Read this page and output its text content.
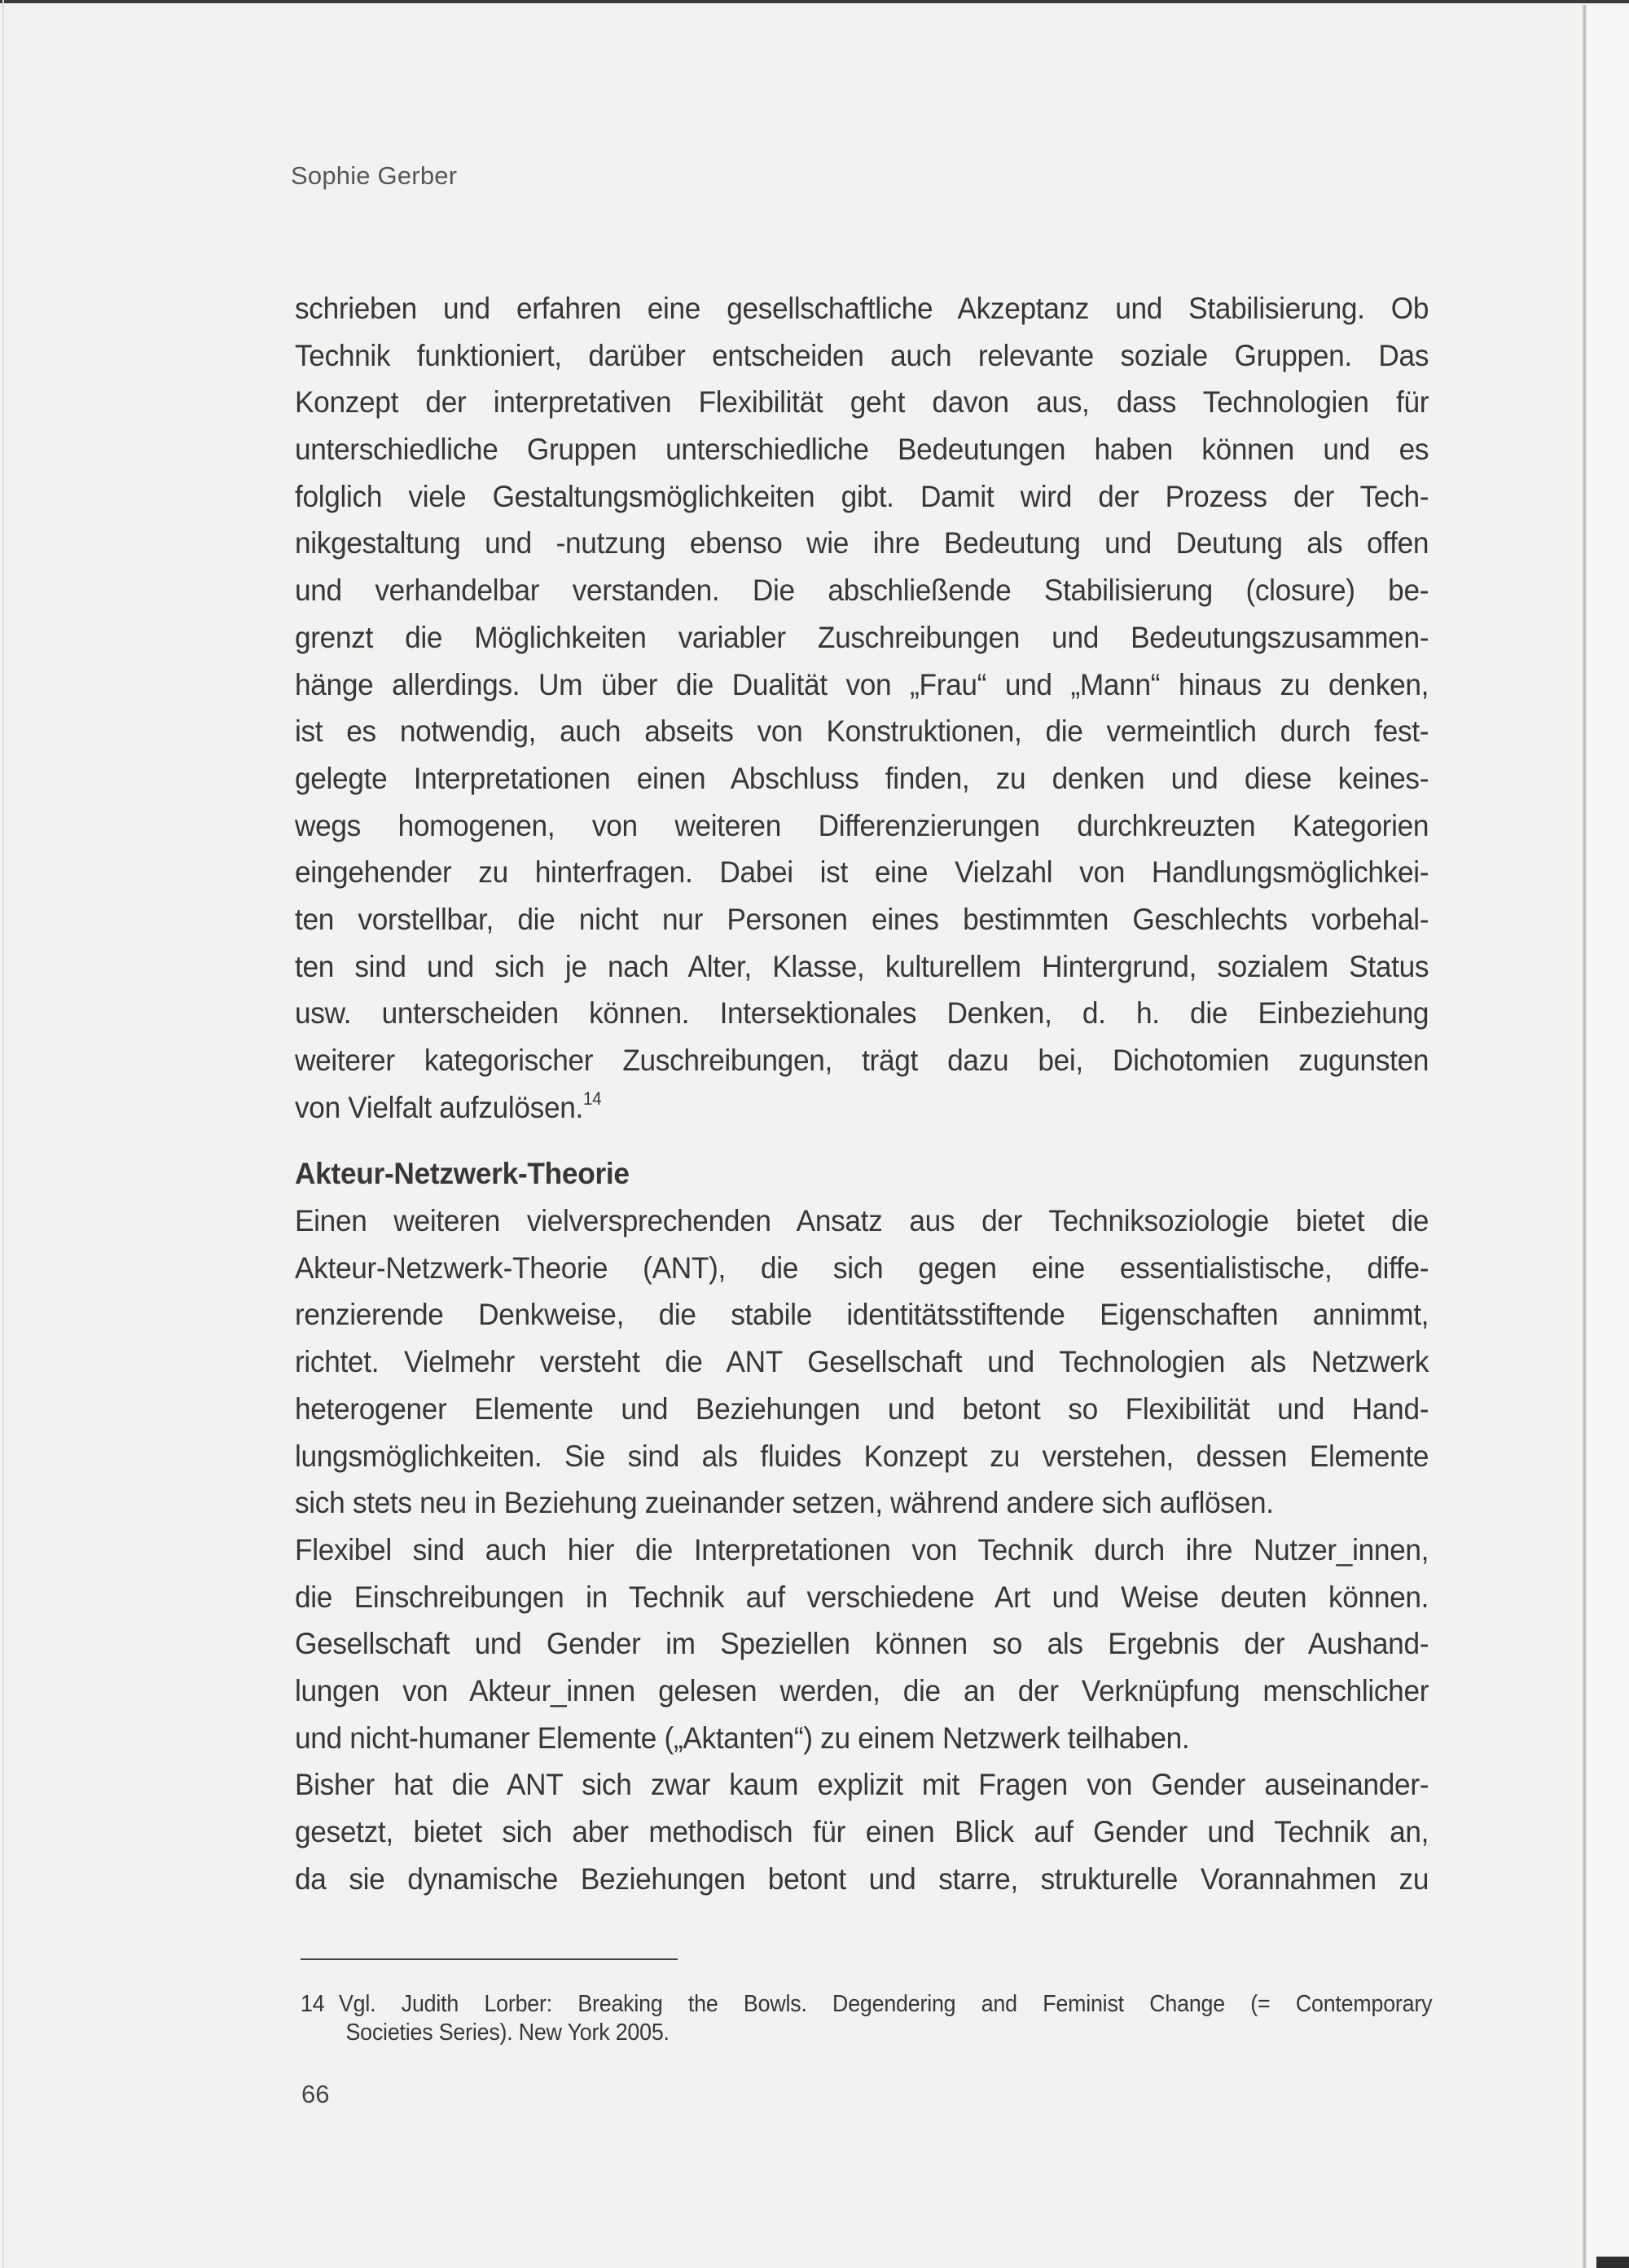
Sophie Gerber
schrieben und erfahren eine gesellschaftliche Akzeptanz und Stabilisierung. Ob
Technik funktioniert, darüber entscheiden auch relevante soziale Gruppen. Das
Konzept der interpretativen Flexibilität geht davon aus, dass Technologien für
unterschiedliche Gruppen unterschiedliche Bedeutungen haben können und es
folglich viele Gestaltungsmöglichkeiten gibt. Damit wird der Prozess der Tech-
nikgestaltung und -nutzung ebenso wie ihre Bedeutung und Deutung als offen
und verhandelbar verstanden. Die abschließende Stabilisierung (closure) be-
grenzt die Möglichkeiten variabler Zuschreibungen und Bedeutungszusammen-
hänge allerdings. Um über die Dualität von „Frau“ und „Mann“ hinaus zu denken,
ist es notwendig, auch abseits von Konstruktionen, die vermeintlich durch fest-
gelegte Interpretationen einen Abschluss finden, zu denken und diese keines-
wegs homogenen, von weiteren Differenzierungen durchkreuzten Kategorien
eingehender zu hinterfragen. Dabei ist eine Vielzahl von Handlungsmöglichkei-
ten vorstellbar, die nicht nur Personen eines bestimmten Geschlechts vorbehal-
ten sind und sich je nach Alter, Klasse, kulturellem Hintergrund, sozialem Status
usw. unterscheiden können. Intersektionales Denken, d. h. die Einbeziehung
weiterer kategorischer Zuschreibungen, trägt dazu bei, Dichotomien zugunsten
von Vielfalt aufzulösen.$^{14}$
Akteur-Netzwerk-Theorie
Einen weiteren vielversprechenden Ansatz aus der Techniksoziologie bietet die
Akteur-Netzwerk-Theorie (ANT), die sich gegen eine essentialistische, diffe-
renzierende Denkweise, die stabile identitätsstiftende Eigenschaften annimmt,
richtet. Vielmehr versteht die ANT Gesellschaft und Technologien als Netzwerk
heterogener Elemente und Beziehungen und betont so Flexibilität und Hand-
lungsmöglichkeiten. Sie sind als fluides Konzept zu verstehen, dessen Elemente
sich stets neu in Beziehung zueinander setzen, während andere sich auflösen.
Flexibel sind auch hier die Interpretationen von Technik durch ihre Nutzer_innen,
die Einschreibungen in Technik auf verschiedene Art und Weise deuten können.
Gesellschaft und Gender im Speziellen können so als Ergebnis der Aushand-
lungen von Akteur_innen gelesen werden, die an der Verknüpfung menschlicher
und nicht-humaner Elemente („Aktanten“) zu einem Netzwerk teilhaben.
Bisher hat die ANT sich zwar kaum explizit mit Fragen von Gender auseinander-
gesetzt, bietet sich aber methodisch für einen Blick auf Gender und Technik an,
da sie dynamische Beziehungen betont und starre, strukturelle Vorannahmen zu
14 Vgl. Judith Lorber: Breaking the Bowls. Degendering and Feminist Change (= Contemporary
Societies Series). New York 2005.
66
